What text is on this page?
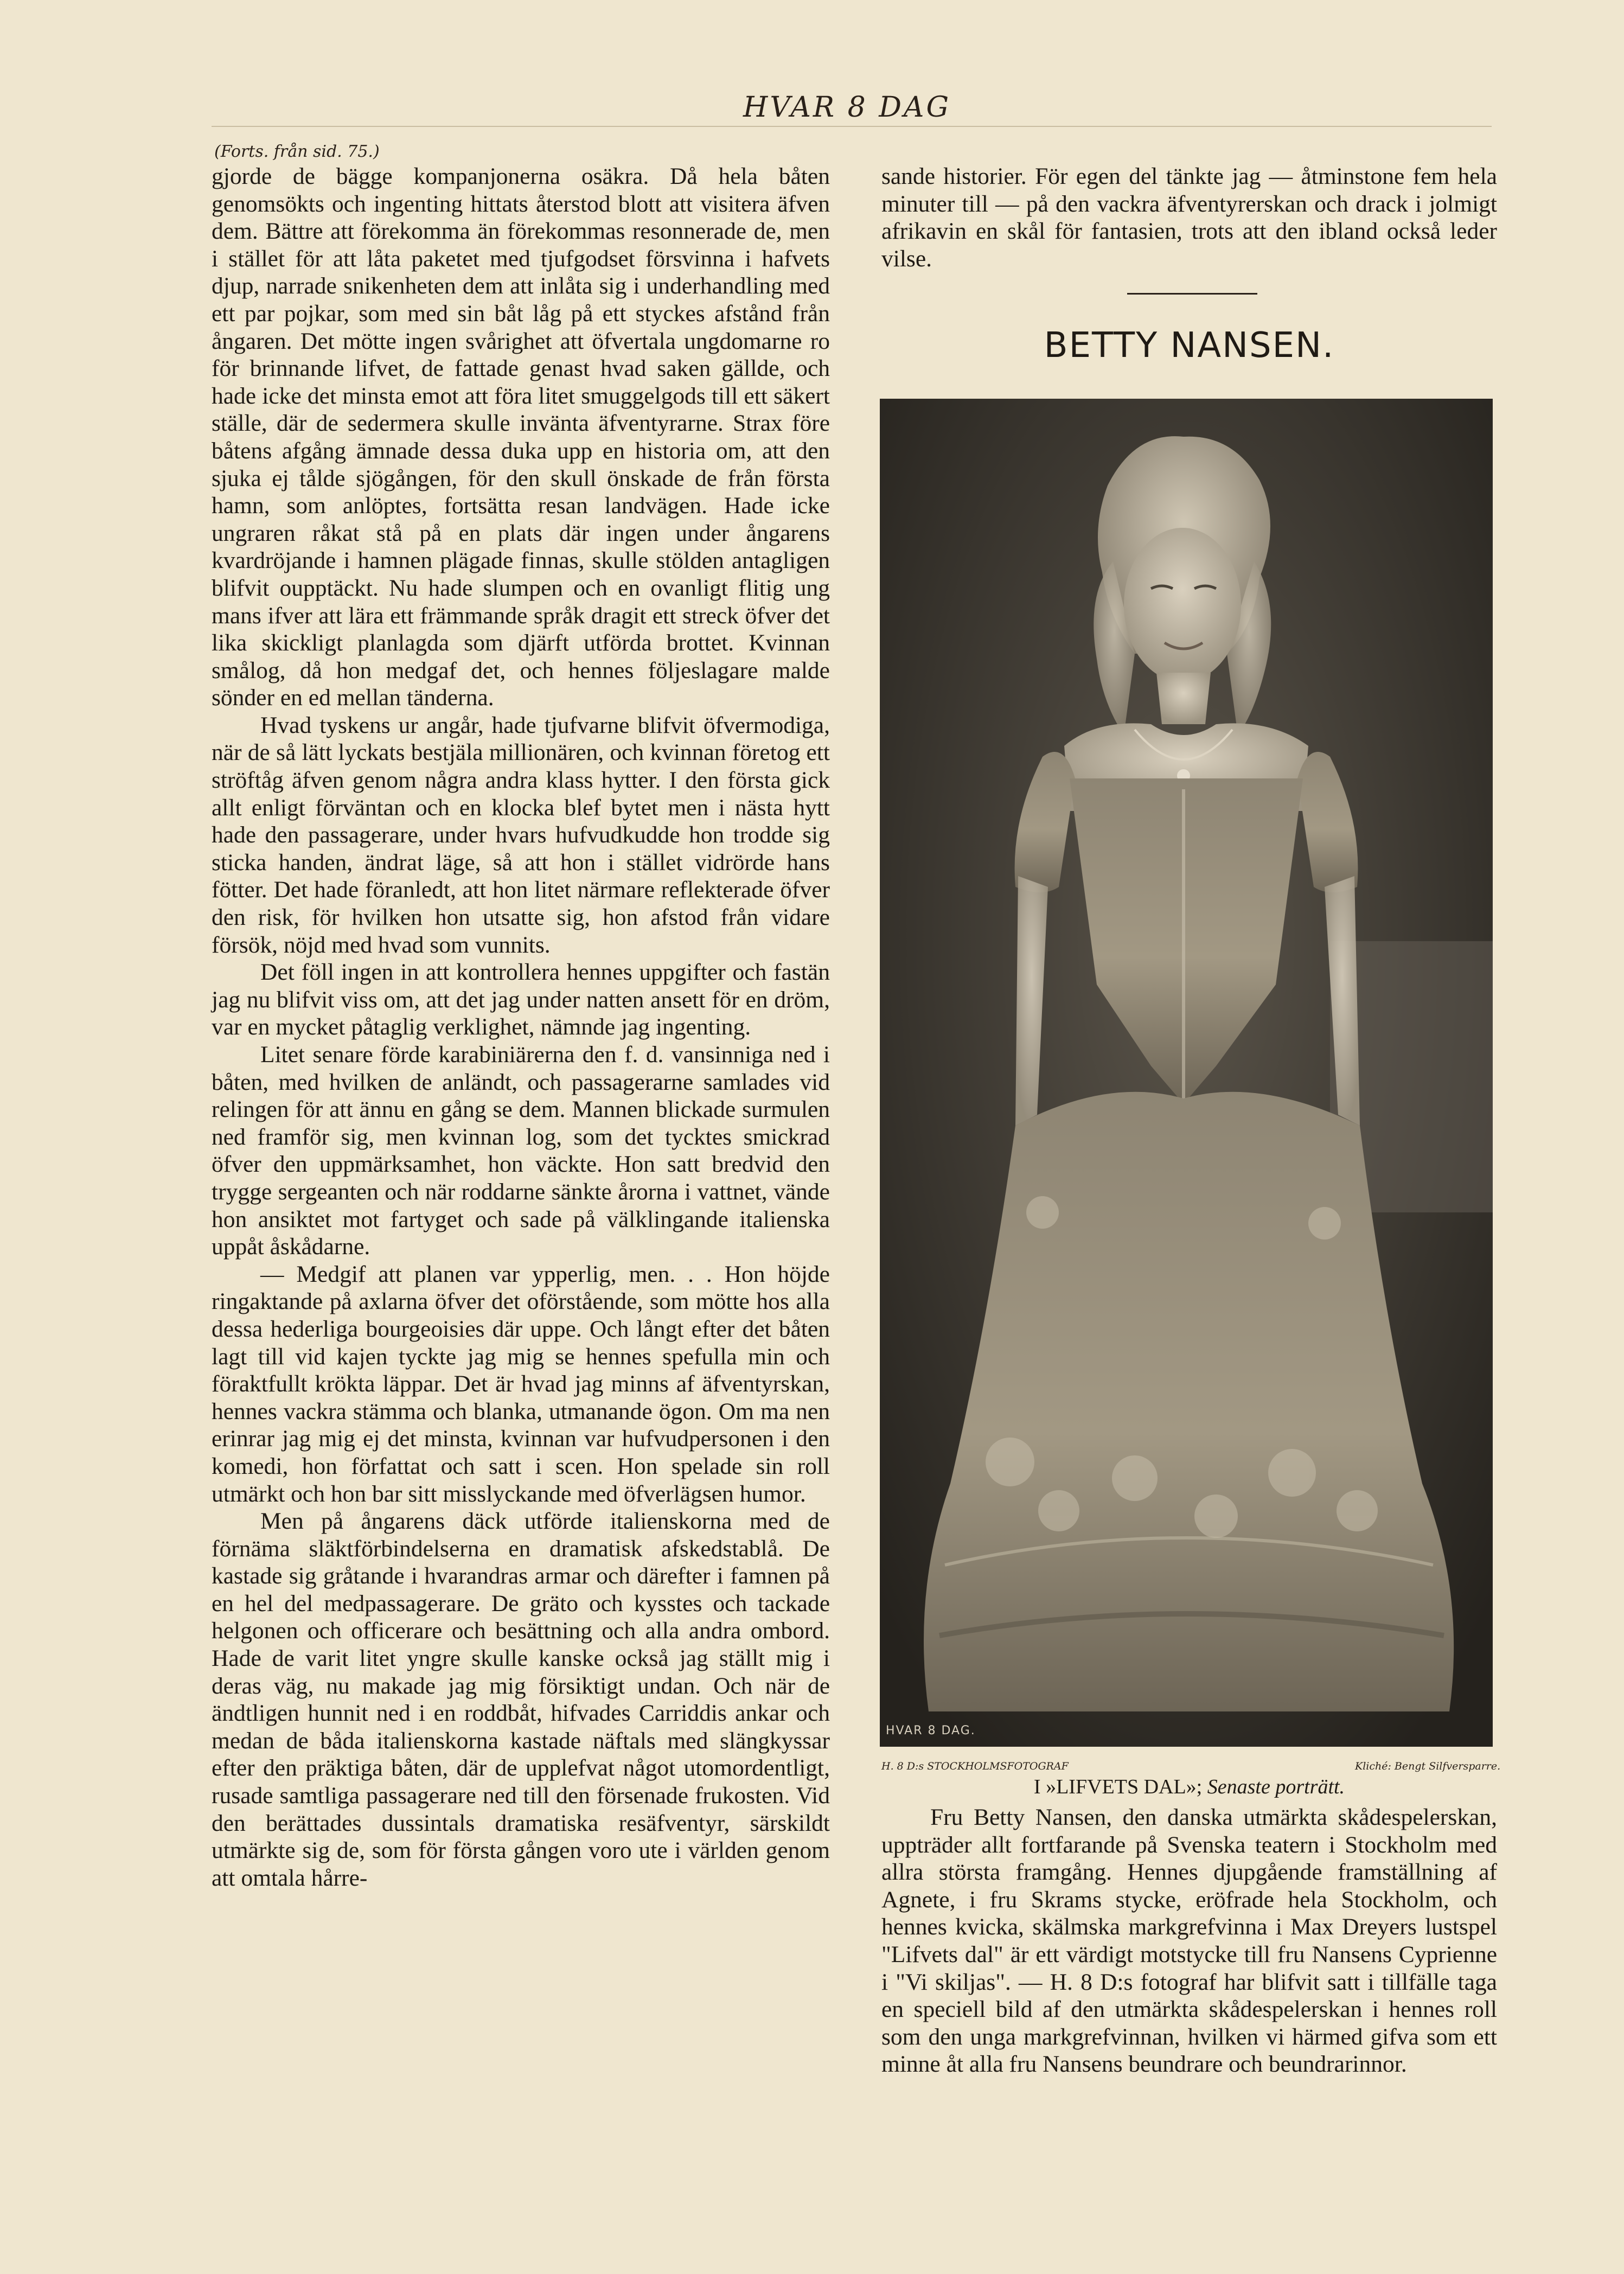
HVAR 8 DAG
(Forts. från sid. 75.)

gjorde de bägge kompanjonerna osäkra. Då hela båten genomsökts och ingenting hittats återstod blott att visitera äfven dem. Bättre att förekomma än förekommas resonnerade de, men i stället för att låta paketet med tjufgodset försvinna i hafvets djup, narrade snikenheten dem att inlåta sig i underhandling med ett par pojkar, som med sin båt låg på ett styckes afstånd från ångaren. Det mötte ingen svårighet att öfvertala ungdomarne ro för brinnande lifvet, de fattade genast hvad saken gällde, och hade icke det minsta emot att föra litet smuggelgods till ett säkert ställe, där de sedermera skulle invänta äfventyrarne. Strax före båtens afgång ämnade dessa duka upp en historia om, att den sjuka ej tålde sjögången, för den skull önskade de från första hamn, som anlöptes, fortsätta resan landvägen. Hade icke ungraren råkat stå på en plats där ingen under ångarens kvardröjande i hamnen plägade finnas, skulle stölden antagligen blifvit oupptäckt. Nu hade slumpen och en ovanligt flitig ung mans ifver att lära ett främmande språk dragit ett streck öfver det lika skickligt planlagda som djärft utförda brottet. Kvinnan smålog, då hon medgaf det, och hennes följeslagare malde sönder en ed mellan tänderna.

Hvad tyskens ur angår, hade tjufvarne blifvit öfvermodiga, när de så lätt lyckats bestjäla millionären, och kvinnan företog ett ströftåg äfven genom några andra klass hytter. I den första gick allt enligt förväntan och en klocka blef bytet men i nästa hytt hade den passagerare, under hvars hufvudkudde hon trodde sig sticka handen, ändrat läge, så att hon i stället vidrörde hans fötter. Det hade föranledt, att hon litet närmare reflekterade öfver den risk, för hvilken hon utsatte sig, hon afstod från vidare försök, nöjd med hvad som vunnits.

Det föll ingen in att kontrollera hennes uppgifter och fastän jag nu blifvit viss om, att det jag under natten ansett för en dröm, var en mycket påtaglig verklighet, nämnde jag ingenting.

Litet senare förde karabiniärerna den f. d. vansinniga ned i båten, med hvilken de anländt, och passagerarne samlades vid relingen för att ännu en gång se dem. Mannen blickade surmulen ned framför sig, men kvinnan log, som det tycktes smickrad öfver den uppmärksamhet, hon väckte. Hon satt bredvid den trygge sergeanten och när roddarne sänkte årorna i vattnet, vände hon ansiktet mot fartyget och sade på välklingande italienska uppåt åskådarne.

— Medgif att planen var ypperlig, men. . . Hon höjde ringaktande på axlarna öfver det oförstående, som mötte hos alla dessa hederliga bourgeoisies där uppe. Och långt efter det båten lagt till vid kajen tyckte jag mig se hennes spefulla min och föraktfullt kröktа läppar. Det är hvad jag minns af äfventyrskan, hennes vackra stämma och blanka, utmanande ögon. Om ma nen erinrar jag mig ej det minsta, kvinnan var hufvudpersonen i den komedi, hon författat och satt i scen. Hon spelade sin roll utmärkt och hon bar sitt misslyckande med öfverlägsen humor.

Men på ångarens däck utförde italienskorna med de förnäma släktförbindelserna en dramatisk afskedstablå. De kastade sig gråtande i hvarandras armar och därefter i famnen på en hel del medpassagerare. De gräto och kysstes och tackade helgonen och officerare och besättning och alla andra ombord. Hade de varit litet yngre skulle kanske också jag ställt mig i deras väg, nu makade jag mig försiktigt undan. Och när de ändtligen hunnit ned i en roddbåt, hifvades Carriddis ankar och medan de båda italienskorna kastade näftals med slängkyssar efter den präktiga båten, där de upplefvat något utomordentligt, rusade samtliga passagerare ned till den försenade frukosten. Vid den berättades dussintals dramatiska resäfventyr, särskildt utmärkte sig de, som för första gången voro ute i världen genom att omtala hårre-

sande historier. För egen del tänkte jag — åtminstone fem hela minuter till — på den vackra äfventyrerskan och drack i jolmigt afrikavin en skål för fantasien, trots att den ibland också leder vilse.

BETTY NANSEN.
HVAR 8 DAG.
H. 8 D:s STOCKHOLMSFOTOGRAF	Kliché: Bengt Silfversparre.
I »LIFVETS DAL»; Senaste porträtt.

Fru Betty Nansen, den danska utmärkta skådespelerskan, uppträder allt fortfarande på Svenska teatern i Stockholm med allra största framgång. Hennes djupgående framställning af Agnete, i fru Skrams stycke, eröfrade hela Stockholm, och hennes kvicka, skälmska markgrefvinna i Max Dreyers lustspel "Lifvets dal" är ett värdigt motstycke till fru Nansens Cyprienne i "Vi skiljas". — H. 8 D:s fotograf har blifvit satt i tillfälle taga en speciell bild af den utmärkta skådespelerskan i hennes roll som den unga markgrefvinnan, hvilken vi härmed gifva som ett minne åt alla fru Nansens beundrare och beundrarinnor.
